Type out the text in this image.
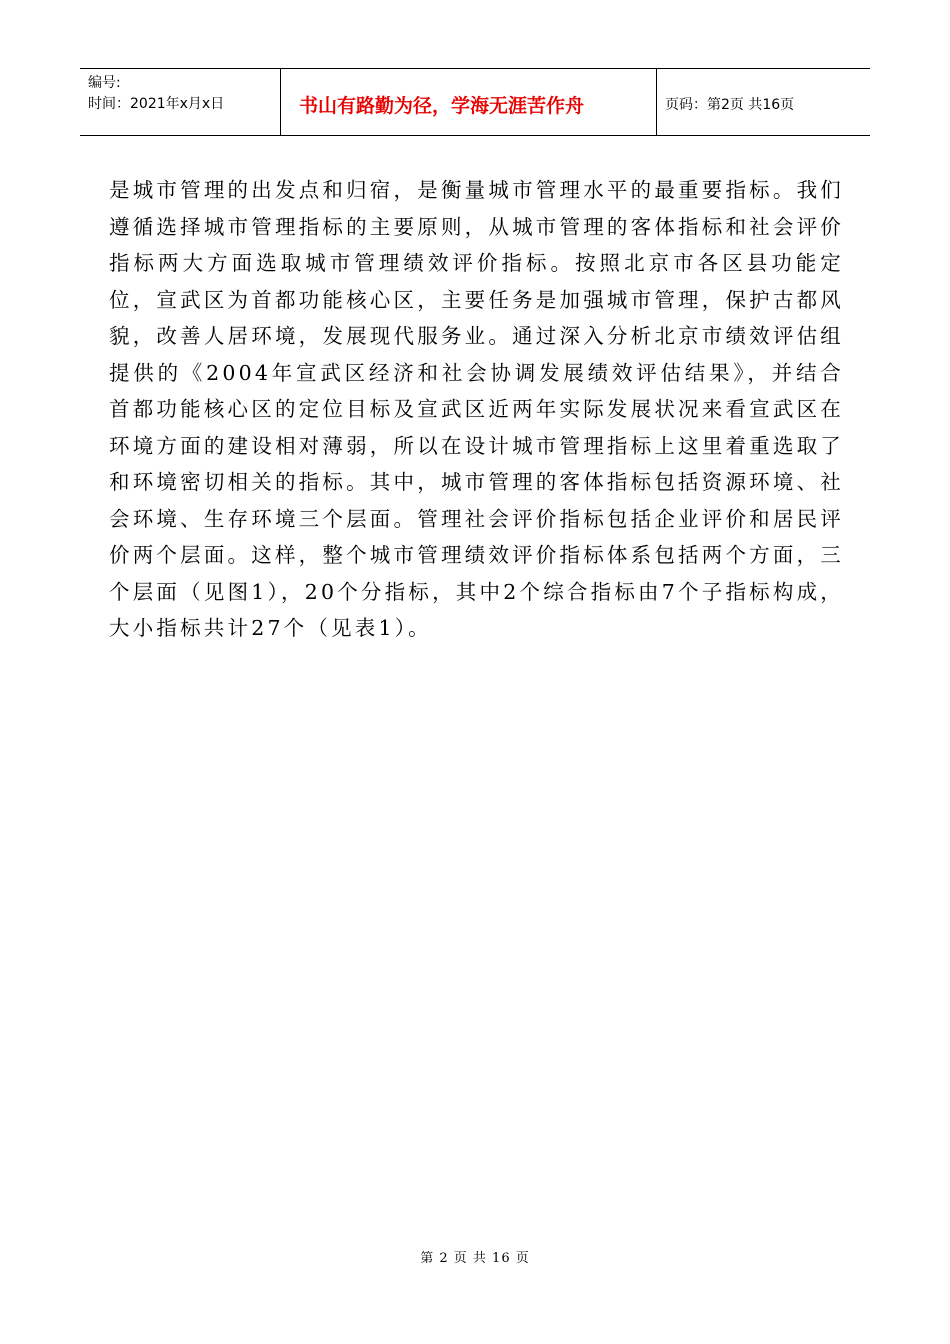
编号:
时间：2021年x月x日	书山有路勤为径，学海无涯苦作舟	页码：第2页 共16页

是城市管理的出发点和归宿，是衡量城市管理水平的最重要指标。我们遵循选择城市管理指标的主要原则，从城市管理的客体指标和社会评价指标两大方面选取城市管理绩效评价指标。按照北京市各区县功能定位，宣武区为首都功能核心区，主要任务是加强城市管理，保护古都风貌，改善人居环境，发展现代服务业。通过深入分析北京市绩效评估组提供的《2004年宣武区经济和社会协调发展绩效评估结果》，并结合首都功能核心区的定位目标及宣武区近两年实际发展状况来看宣武区在环境方面的建设相对薄弱，所以在设计城市管理指标上这里着重选取了和环境密切相关的指标。其中，城市管理的客体指标包括资源环境、社会环境、生存环境三个层面。管理社会评价指标包括企业评价和居民评价两个层面。这样，整个城市管理绩效评价指标体系包括两个方面，三个层面（见图1），20个分指标，其中2个综合指标由7个子指标构成，大小指标共计27个（见表1）。

第 2 页 共 16 页
